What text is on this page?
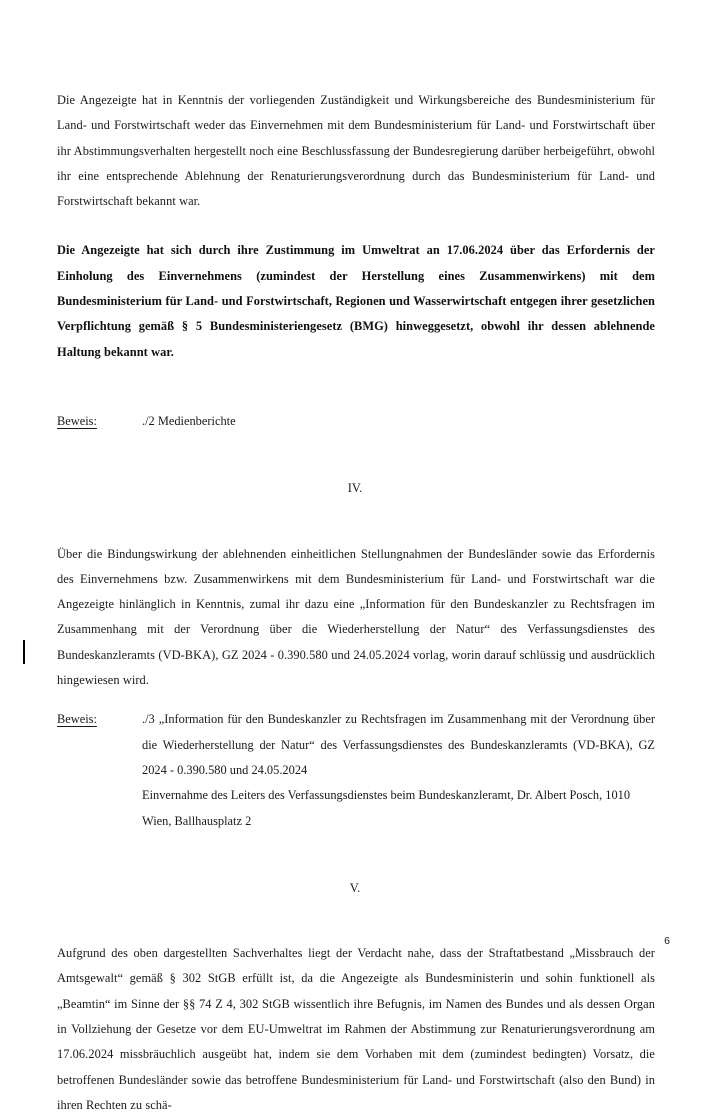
Die Angezeigte hat in Kenntnis der vorliegenden Zuständigkeit und Wirkungsbereiche des Bundesministerium für Land- und Forstwirtschaft weder das Einvernehmen mit dem Bundesministerium für Land- und Forstwirtschaft über ihr Abstimmungsverhalten hergestellt noch eine Beschlussfassung der Bundesregierung darüber herbeigeführt, obwohl ihr eine entsprechende Ablehnung der Renaturierungsverordnung durch das Bundesministerium für Land- und Forstwirtschaft bekannt war.

Die Angezeigte hat sich durch ihre Zustimmung im Umweltrat an 17.06.2024 über das Erfordernis der Einholung des Einvernehmens (zumindest der Herstellung eines Zusammenwirkens) mit dem Bundesministerium für Land- und Forstwirtschaft, Regionen und Wasserwirtschaft entgegen ihrer gesetzlichen Verpflichtung gemäß § 5 Bundesministeriengesetz (BMG) hinweggesetzt, obwohl ihr dessen ablehnende Haltung bekannt war.

Beweis:	./2 Medienberichte
IV.

Über die Bindungswirkung der ablehnenden einheitlichen Stellungnahmen der Bundesländer sowie das Erfordernis des Einvernehmens bzw. Zusammenwirkens mit dem Bundesministerium für Land- und Forstwirtschaft war die Angezeigte hinlänglich in Kenntnis, zumal ihr dazu eine „Information für den Bundeskanzler zu Rechtsfragen im Zusammenhang mit der Verordnung über die Wiederherstellung der Natur“ des Verfassungsdienstes des Bundeskanzleramts (VD-BKA), GZ 2024 - 0.390.580 und 24.05.2024 vorlag, worin darauf schlüssig und ausdrücklich hingewiesen wird.

Beweis:	./3 „Information für den Bundeskanzler zu Rechtsfragen im Zusammenhang mit der Verordnung über die Wiederherstellung der Natur“ des Verfassungsdienstes des Bundeskanzleramts (VD-BKA), GZ 2024 - 0.390.580 und 24.05.2024
Einvernahme des Leiters des Verfassungsdienstes beim Bundeskanzleramt, Dr. Albert Posch, 1010 Wien, Ballhausplatz 2
V.

Aufgrund des oben dargestellten Sachverhaltes liegt der Verdacht nahe, dass der Straftatbestand „Missbrauch der Amtsgewalt“ gemäß § 302 StGB erfüllt ist, da die Angezeigte als Bundesministerin und sohin funktionell als „Beamtin“ im Sinne der §§ 74 Z 4, 302 StGB wissentlich ihre Befugnis, im Namen des Bundes und als dessen Organ in Vollziehung der Gesetze vor dem EU-Umweltrat im Rahmen der Abstimmung zur Renaturierungsverordnung am 17.06.2024 missbräuchlich ausgeübt hat, indem sie dem Vorhaben mit dem (zumindest bedingten) Vorsatz, die betroffenen Bundesländer sowie das betroffene Bundesministerium für Land- und Forstwirtschaft (also den Bund) in ihren Rechten zu schä-

6
